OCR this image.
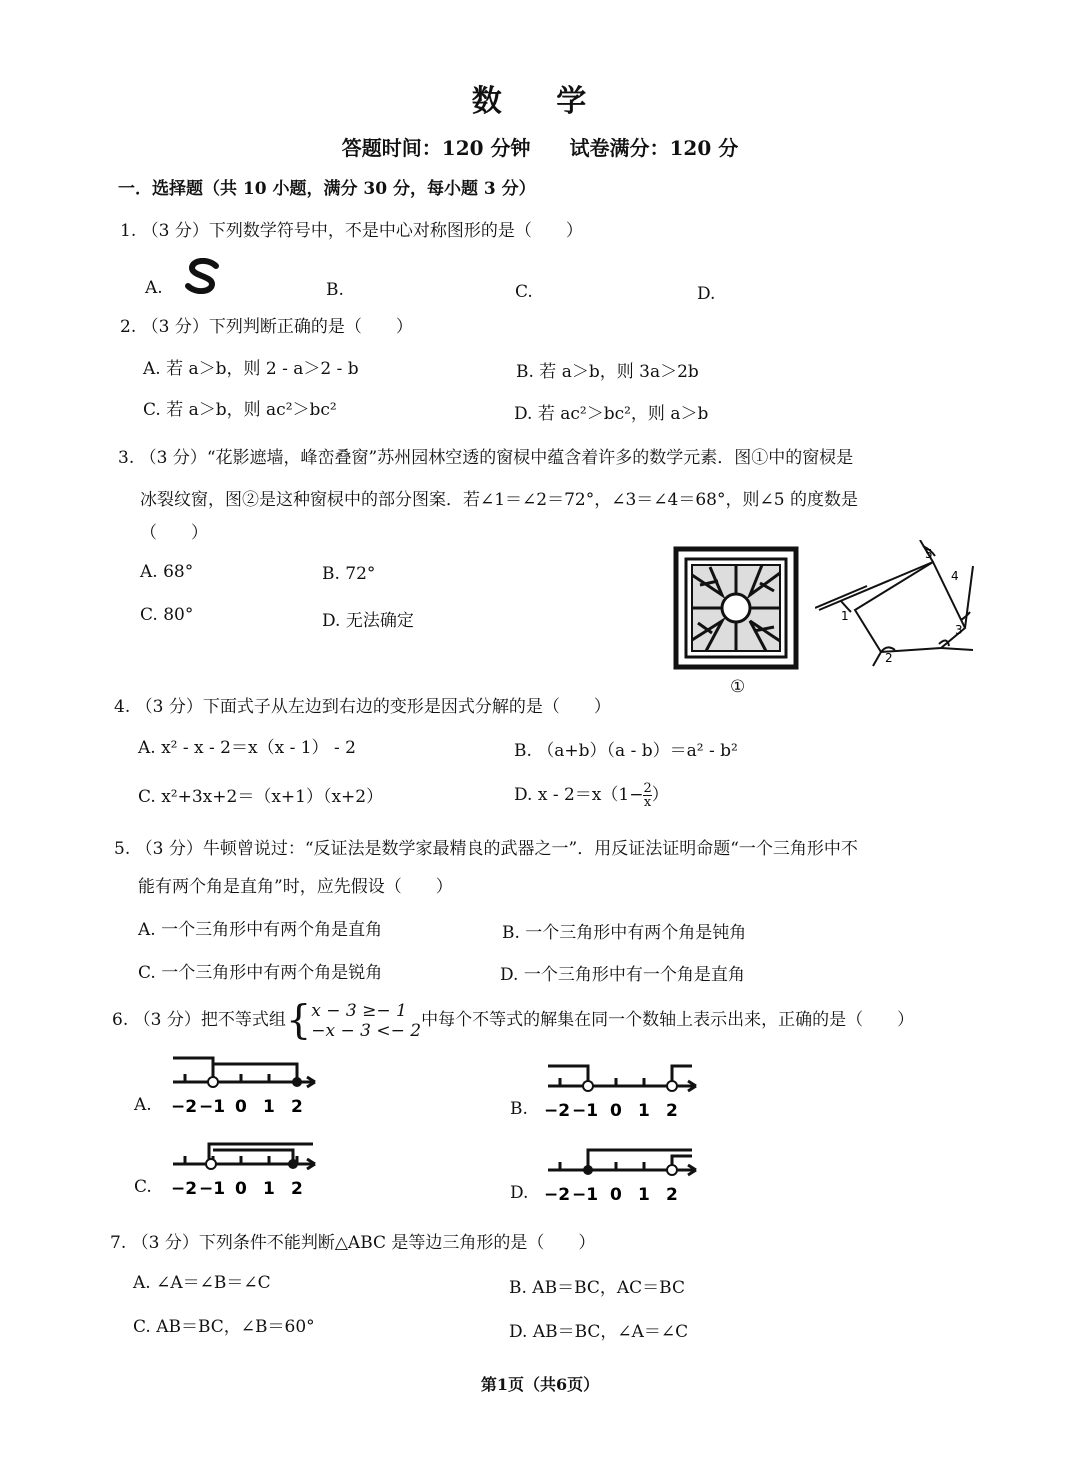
数 学
答题时间：120 分钟 试卷满分：120 分
一．选择题（共 10 小题，满分 30 分，每小题 3 分）
1. （3 分）下列数学符号中，不是中心对称图形的是（　　）
A.	B.	C.	D.
2. （3 分）下列判断正确的是（　　）
A. 若 a＞b，则 2 - a＞2 - b	B. 若 a＞b，则 3a＞2b
C. 若 a＞b，则 ac²＞bc²	D. 若 ac²＞bc²，则 a＞b
3. （3 分）“花影遮墙，峰峦叠窗”苏州园林空透的窗棂中蕴含着许多的数学元素．图①中的窗棂是
冰裂纹窗，图②是这种窗棂中的部分图案．若∠1＝∠2＝72°，∠3＝∠4＝68°，则∠5 的度数是
（　　）
A. 68°	B. 72°
C. 80°	D. 无法确定
①
1
2
3
4
5
4. （3 分）下面式子从左边到右边的变形是因式分解的是（　　）
A. x² - x - 2＝x（x - 1） - 2	B. （a+b）（a - b）＝a² - b²
C. x²+3x+2＝（x+1）（x+2）	D. $x - 2=x(1- \frac{2}{x})$
5. （3 分）牛顿曾说过：“反证法是数学家最精良的武器之一”．用反证法证明命题“一个三角形中不
能有两个角是直角”时，应先假设（　　）
A. 一个三角形中有两个角是直角	B. 一个三角形中有两个角是钝角
C. 一个三角形中有两个角是锐角	D. 一个三角形中有一个角是直角
6. （3 分）把不等式组{ x − 3 ≥− 1
−x − 3 <− 2
中每个不等式的解集在同一个数轴上表示出来，正确的是（　　）
−2 −1 0 1 2
A.	−2 −1 0 1 2
B.
−2 −1 0 1 2
C.	−2 −1 0 1 2
D.
7. （3 分）下列条件不能判断△ABC 是等边三角形的是（　　）
A. ∠A＝∠B＝∠C	B. AB＝BC，AC＝BC
C. AB＝BC，∠B＝60°	D. AB＝BC，∠A＝∠C
第1页（共6页）
